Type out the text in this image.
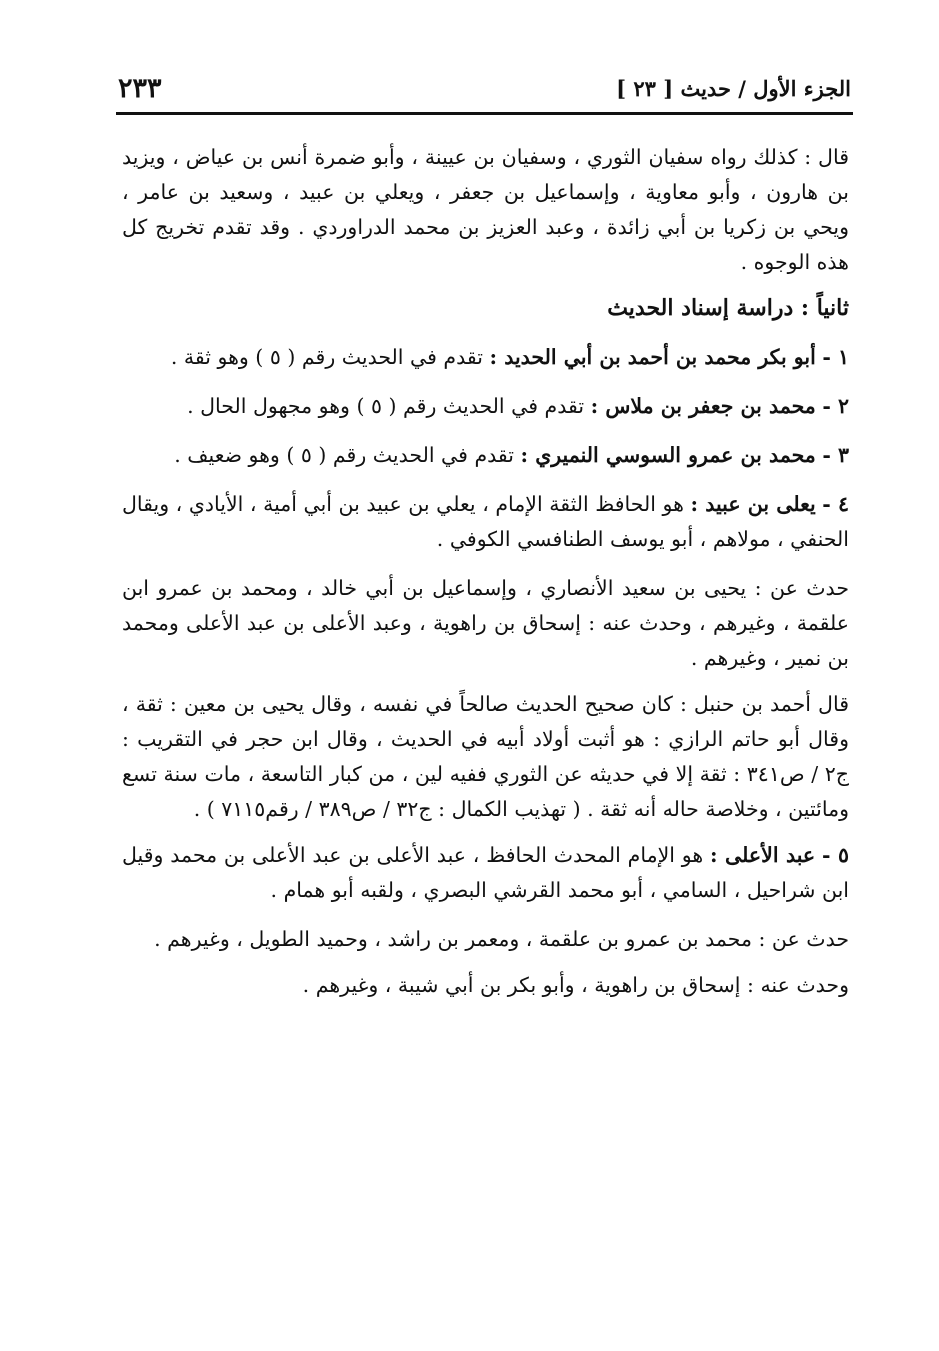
الجزء الأول / حديث [ ٢٣ ]
٢٣٣

قال : كذلك رواه سفيان الثوري ، وسفيان بن عيينة ، وأبو ضمرة أنس بن عياض ، ويزيد بن هارون ، وأبو معاوية ، وإسماعيل بن جعفر ، ويعلي بن عبيد ، وسعيد بن عامر ، ويحي بن زكريا بن أبي زائدة ، وعبد العزيز بن محمد الدراوردي . وقد تقدم تخريج كل هذه الوجوه .

ثانياً : دراسة إسناد الحديث

١ - أبو بكر محمد بن أحمد بن أبي الحديد : تقدم في الحديث رقم ( ٥ ) وهو ثقة .

٢ - محمد بن جعفر بن ملاس : تقدم في الحديث رقم ( ٥ ) وهو مجهول الحال .

٣ - محمد بن عمرو السوسي النميري : تقدم في الحديث رقم ( ٥ ) وهو ضعيف .

٤ - يعلى بن عبيد : هو الحافظ الثقة الإمام ، يعلي بن عبيد بن أبي أمية ، الأيادي ، ويقال الحنفي ، مولاهم ، أبو يوسف الطنافسي الكوفي .

حدث عن : يحيى بن سعيد الأنصاري ، وإسماعيل بن أبي خالد ، ومحمد بن عمرو ابن علقمة ، وغيرهم ، وحدث عنه : إسحاق بن راهوية ، وعبد الأعلى بن عبد الأعلى ومحمد بن نمير ، وغيرهم .

قال أحمد بن حنبل : كان صحيح الحديث صالحاً في نفسه ، وقال يحيى بن معين : ثقة ، وقال أبو حاتم الرازي : هو أثبت أولاد أبيه في الحديث ، وقال ابن حجر في التقريب : ج٢ / ص٣٤١ : ثقة إلا في حديثه عن الثوري ففيه لين ، من كبار التاسعة ، مات سنة تسع ومائتين ، وخلاصة حاله أنه ثقة . ( تهذيب الكمال : ج٣٢ / ص٣٨٩ / رقم٧١١٥ ) .

٥ - عبد الأعلى : هو الإمام المحدث الحافظ ، عبد الأعلى بن عبد الأعلى بن محمد وقيل ابن شراحيل ، السامي ، أبو محمد القرشي البصري ، ولقبه أبو همام .

حدث عن : محمد بن عمرو بن علقمة ، ومعمر بن راشد ، وحميد الطويل ، وغيرهم .

وحدث عنه : إسحاق بن راهوية ، وأبو بكر بن أبي شيبة ، وغيرهم .
